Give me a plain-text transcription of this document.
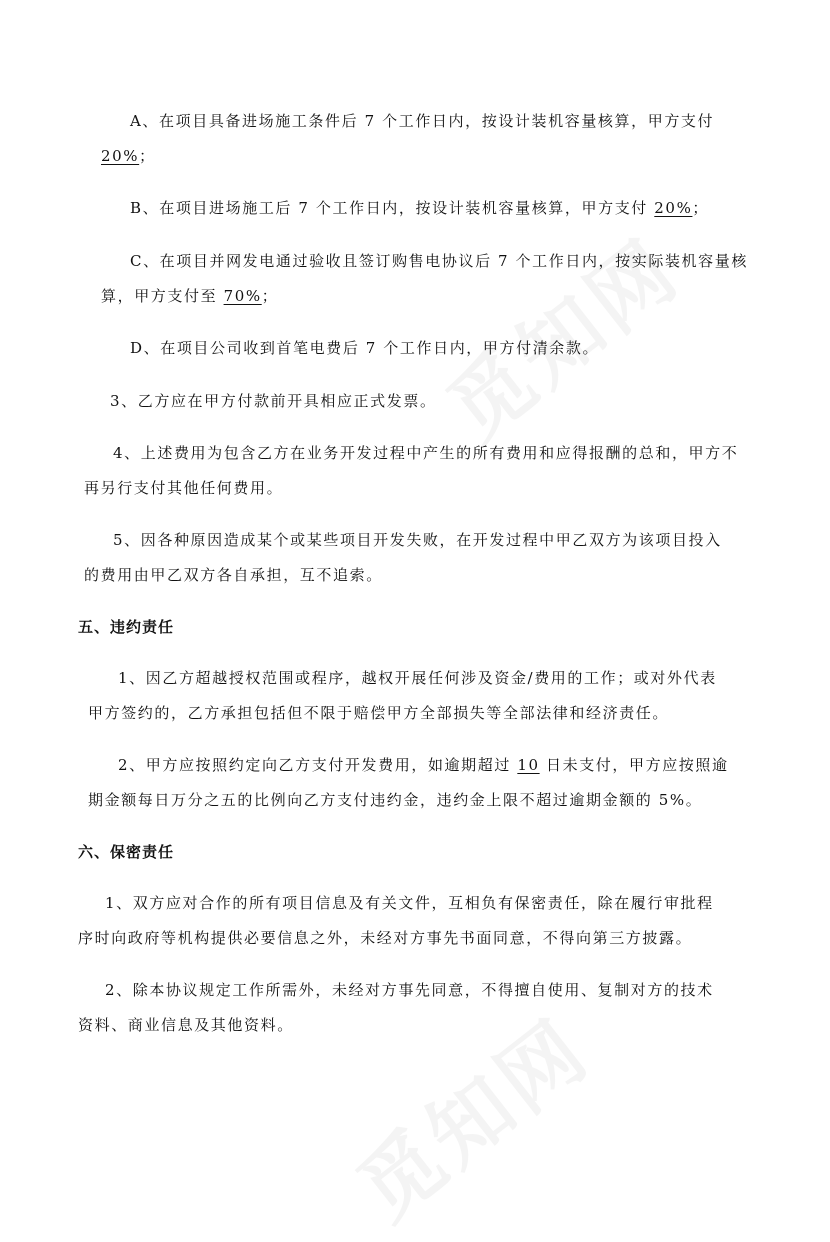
A、在项目具备进场施工条件后 7 个工作日内，按设计装机容量核算，甲方支付

20%；

B、在项目进场施工后 7 个工作日内，按设计装机容量核算，甲方支付 20%；

C、在项目并网发电通过验收且签订购售电协议后 7 个工作日内，按实际装机容量核

算，甲方支付至 70%；

D、在项目公司收到首笔电费后 7 个工作日内，甲方付清余款。

3、乙方应在甲方付款前开具相应正式发票。

4、上述费用为包含乙方在业务开发过程中产生的所有费用和应得报酬的总和，甲方不

再另行支付其他任何费用。

5、因各种原因造成某个或某些项目开发失败，在开发过程中甲乙双方为该项目投入

的费用由甲乙双方各自承担，互不追索。

五、违约责任

1、因乙方超越授权范围或程序，越权开展任何涉及资金/费用的工作；或对外代表

甲方签约的，乙方承担包括但不限于赔偿甲方全部损失等全部法律和经济责任。

2、甲方应按照约定向乙方支付开发费用，如逾期超过 10 日未支付，甲方应按照逾

期金额每日万分之五的比例向乙方支付违约金，违约金上限不超过逾期金额的 5%。

六、保密责任

1、双方应对合作的所有项目信息及有关文件，互相负有保密责任，除在履行审批程

序时向政府等机构提供必要信息之外，未经对方事先书面同意，不得向第三方披露。

2、除本协议规定工作所需外，未经对方事先同意，不得擅自使用、复制对方的技术

资料、商业信息及其他资料。
